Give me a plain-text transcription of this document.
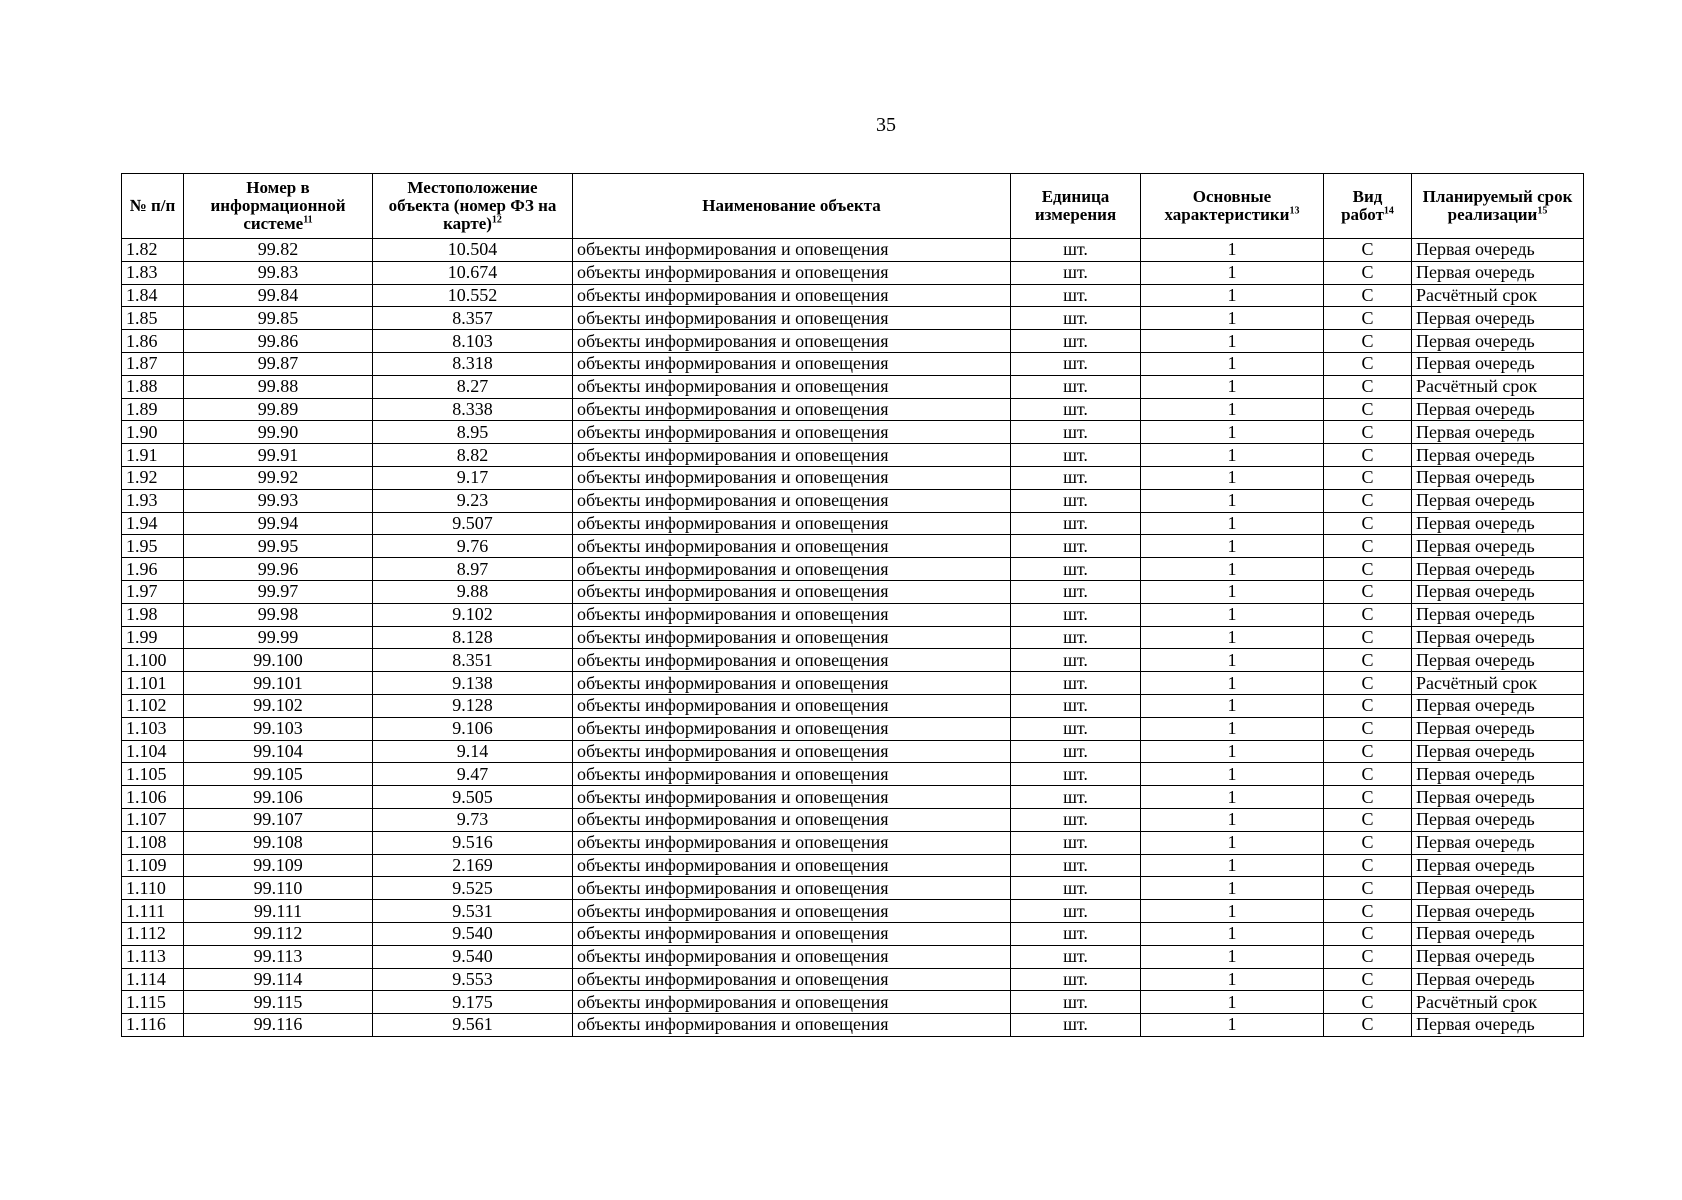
35
№ п/п	Номер в информационной системе$^{11}$	Местоположение объекта (номер ФЗ на карте)$^{12}$	Наименование объекта	Единица измерения	Основные характеристики$^{13}$	Вид работ$^{14}$	Планируемый срок реализации$^{15}$
1.82	99.82	10.504	объекты информирования и оповещения	шт.	1	С	Первая очередь
1.83	99.83	10.674	объекты информирования и оповещения	шт.	1	С	Первая очередь
1.84	99.84	10.552	объекты информирования и оповещения	шт.	1	С	Расчётный срок
1.85	99.85	8.357	объекты информирования и оповещения	шт.	1	С	Первая очередь
1.86	99.86	8.103	объекты информирования и оповещения	шт.	1	С	Первая очередь
1.87	99.87	8.318	объекты информирования и оповещения	шт.	1	С	Первая очередь
1.88	99.88	8.27	объекты информирования и оповещения	шт.	1	С	Расчётный срок
1.89	99.89	8.338	объекты информирования и оповещения	шт.	1	С	Первая очередь
1.90	99.90	8.95	объекты информирования и оповещения	шт.	1	С	Первая очередь
1.91	99.91	8.82	объекты информирования и оповещения	шт.	1	С	Первая очередь
1.92	99.92	9.17	объекты информирования и оповещения	шт.	1	С	Первая очередь
1.93	99.93	9.23	объекты информирования и оповещения	шт.	1	С	Первая очередь
1.94	99.94	9.507	объекты информирования и оповещения	шт.	1	С	Первая очередь
1.95	99.95	9.76	объекты информирования и оповещения	шт.	1	С	Первая очередь
1.96	99.96	8.97	объекты информирования и оповещения	шт.	1	С	Первая очередь
1.97	99.97	9.88	объекты информирования и оповещения	шт.	1	С	Первая очередь
1.98	99.98	9.102	объекты информирования и оповещения	шт.	1	С	Первая очередь
1.99	99.99	8.128	объекты информирования и оповещения	шт.	1	С	Первая очередь
1.100	99.100	8.351	объекты информирования и оповещения	шт.	1	С	Первая очередь
1.101	99.101	9.138	объекты информирования и оповещения	шт.	1	С	Расчётный срок
1.102	99.102	9.128	объекты информирования и оповещения	шт.	1	С	Первая очередь
1.103	99.103	9.106	объекты информирования и оповещения	шт.	1	С	Первая очередь
1.104	99.104	9.14	объекты информирования и оповещения	шт.	1	С	Первая очередь
1.105	99.105	9.47	объекты информирования и оповещения	шт.	1	С	Первая очередь
1.106	99.106	9.505	объекты информирования и оповещения	шт.	1	С	Первая очередь
1.107	99.107	9.73	объекты информирования и оповещения	шт.	1	С	Первая очередь
1.108	99.108	9.516	объекты информирования и оповещения	шт.	1	С	Первая очередь
1.109	99.109	2.169	объекты информирования и оповещения	шт.	1	С	Первая очередь
1.110	99.110	9.525	объекты информирования и оповещения	шт.	1	С	Первая очередь
1.111	99.111	9.531	объекты информирования и оповещения	шт.	1	С	Первая очередь
1.112	99.112	9.540	объекты информирования и оповещения	шт.	1	С	Первая очередь
1.113	99.113	9.540	объекты информирования и оповещения	шт.	1	С	Первая очередь
1.114	99.114	9.553	объекты информирования и оповещения	шт.	1	С	Первая очередь
1.115	99.115	9.175	объекты информирования и оповещения	шт.	1	С	Расчётный срок
1.116	99.116	9.561	объекты информирования и оповещения	шт.	1	С	Первая очередь
